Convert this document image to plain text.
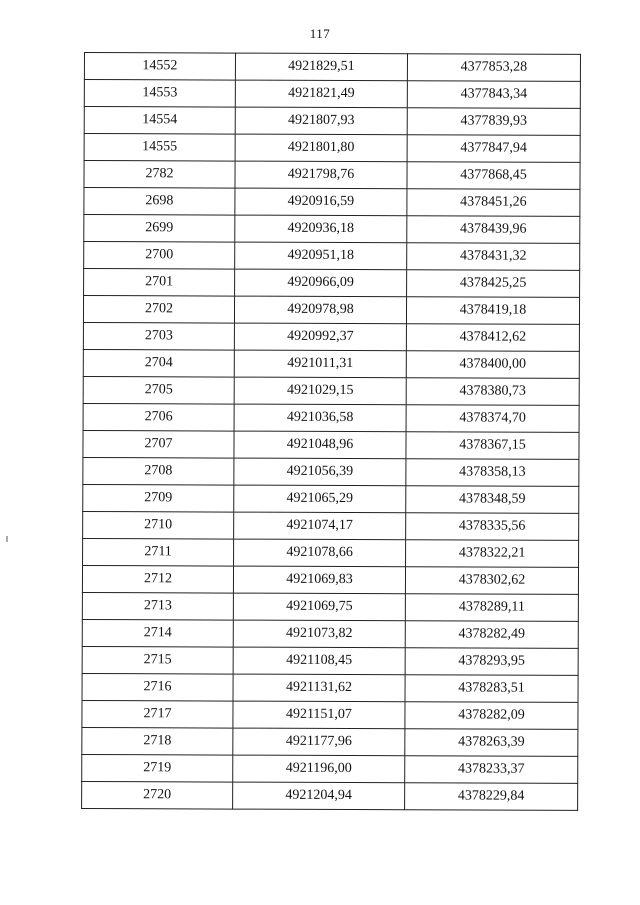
117
14552	4921829,51	4377853,28
14553	4921821,49	4377843,34
14554	4921807,93	4377839,93
14555	4921801,80	4377847,94
2782	4921798,76	4377868,45
2698	4920916,59	4378451,26
2699	4920936,18	4378439,96
2700	4920951,18	4378431,32
2701	4920966,09	4378425,25
2702	4920978,98	4378419,18
2703	4920992,37	4378412,62
2704	4921011,31	4378400,00
2705	4921029,15	4378380,73
2706	4921036,58	4378374,70
2707	4921048,96	4378367,15
2708	4921056,39	4378358,13
2709	4921065,29	4378348,59
2710	4921074,17	4378335,56
2711	4921078,66	4378322,21
2712	4921069,83	4378302,62
2713	4921069,75	4378289,11
2714	4921073,82	4378282,49
2715	4921108,45	4378293,95
2716	4921131,62	4378283,51
2717	4921151,07	4378282,09
2718	4921177,96	4378263,39
2719	4921196,00	4378233,37
2720	4921204,94	4378229,84
